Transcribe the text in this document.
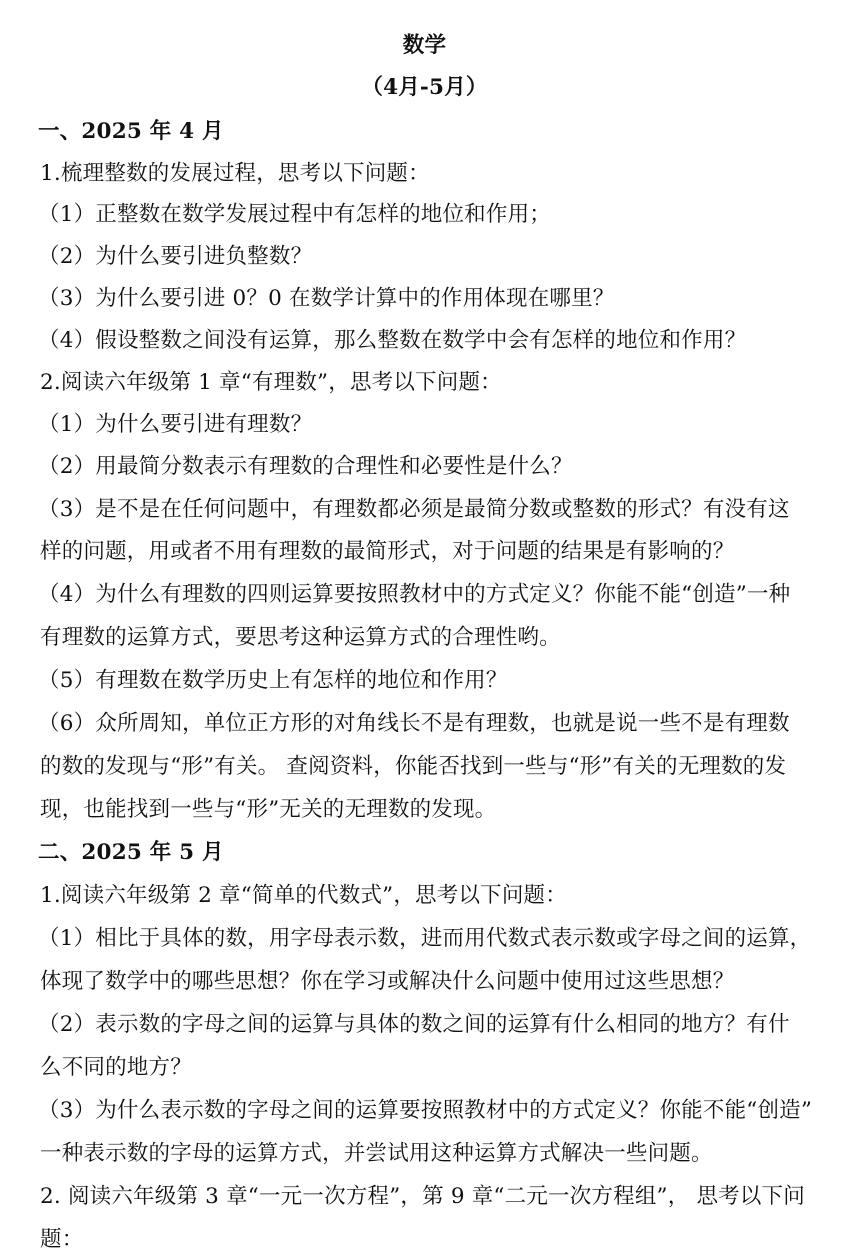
数学
（4月-5月）
一、2025 年 4 月
1.梳理整数的发展过程，思考以下问题：
（1）正整数在数学发展过程中有怎样的地位和作用；
（2）为什么要引进负整数？
（3）为什么要引进 0？0 在数学计算中的作用体现在哪里？
（4）假设整数之间没有运算，那么整数在数学中会有怎样的地位和作用？
2.阅读六年级第 1 章“有理数”，思考以下问题：
（1）为什么要引进有理数？
（2）用最简分数表示有理数的合理性和必要性是什么？
（3）是不是在任何问题中，有理数都必须是最简分数或整数的形式？有没有这
样的问题，用或者不用有理数的最简形式，对于问题的结果是有影响的？
（4）为什么有理数的四则运算要按照教材中的方式定义？你能不能“创造”一种
有理数的运算方式，要思考这种运算方式的合理性哟。
（5）有理数在数学历史上有怎样的地位和作用？
（6）众所周知，单位正方形的对角线长不是有理数，也就是说一些不是有理数
的数的发现与“形”有关。 查阅资料，你能否找到一些与“形”有关的无理数的发
现，也能找到一些与“形”无关的无理数的发现。
二、2025 年 5 月
1.阅读六年级第 2 章“简单的代数式”，思考以下问题：
（1）相比于具体的数，用字母表示数，进而用代数式表示数或字母之间的运算，
体现了数学中的哪些思想？你在学习或解决什么问题中使用过这些思想？
（2）表示数的字母之间的运算与具体的数之间的运算有什么相同的地方？有什
么不同的地方？
（3）为什么表示数的字母之间的运算要按照教材中的方式定义？你能不能“创造”
一种表示数的字母的运算方式，并尝试用这种运算方式解决一些问题。
2. 阅读六年级第 3 章“一元一次方程”，第 9 章“二元一次方程组”， 思考以下问
题：
